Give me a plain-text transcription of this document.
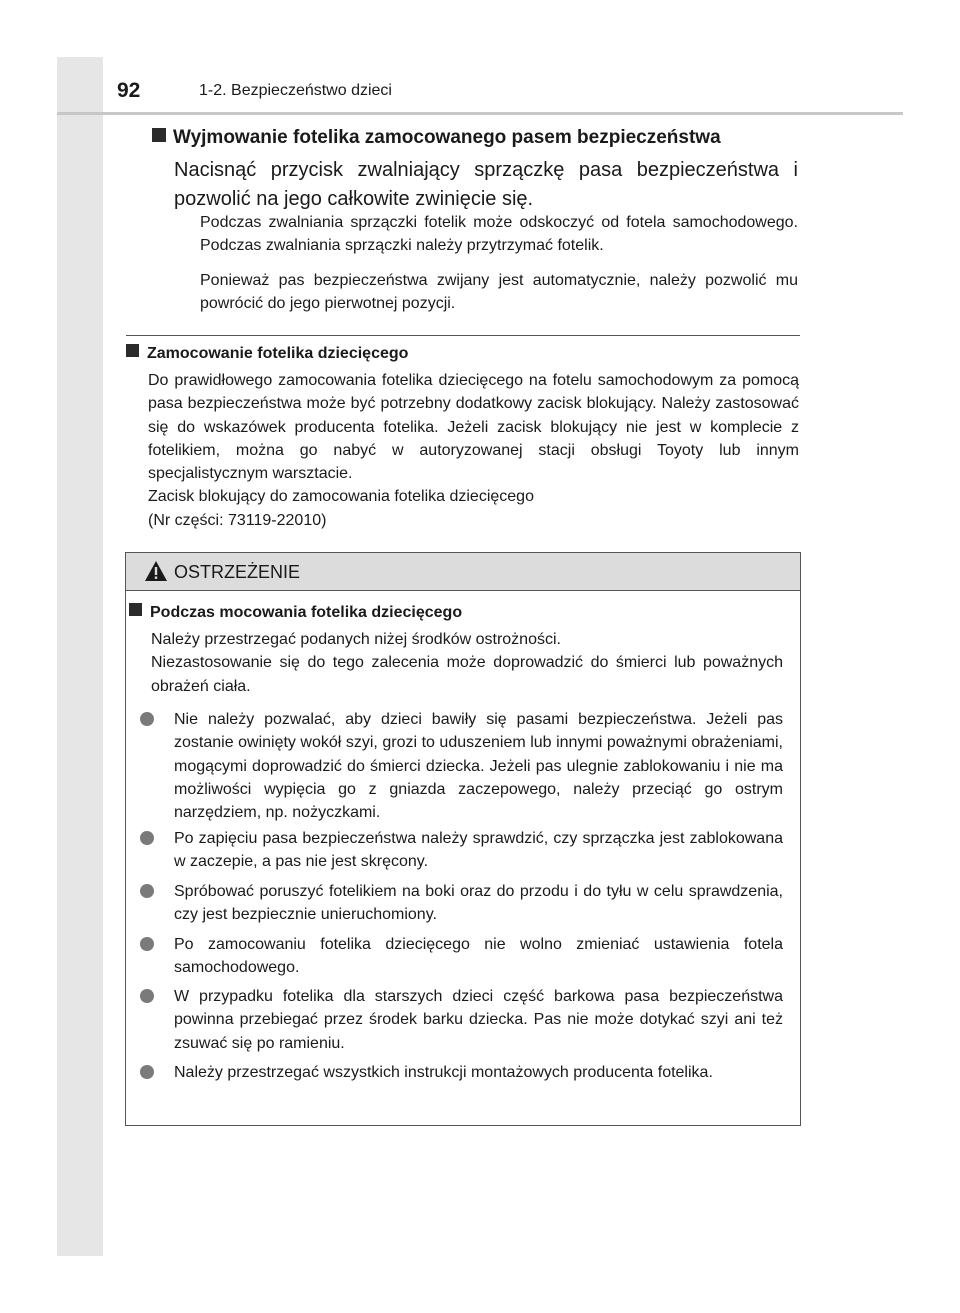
92	1-2. Bezpieczeństwo dzieci
Wyjmowanie fotelika zamocowanego pasem bezpieczeństwa
Nacisnąć przycisk zwalniający sprzączkę pasa bezpieczeństwa i pozwolić na jego całkowite zwinięcie się.
Podczas zwalniania sprzączki fotelik może odskoczyć od fotela samochodowego. Podczas zwalniania sprzączki należy przytrzymać fotelik.
Ponieważ pas bezpieczeństwa zwijany jest automatycznie, należy pozwolić mu powrócić do jego pierwotnej pozycji.
Zamocowanie fotelika dziecięcego
Do prawidłowego zamocowania fotelika dziecięcego na fotelu samochodowym za pomocą pasa bezpieczeństwa może być potrzebny dodatkowy zacisk blokujący. Należy zastosować się do wskazówek producenta fotelika. Jeżeli zacisk blokujący nie jest w komplecie z fotelikiem, można go nabyć w autoryzowanej stacji obsługi Toyoty lub innym specjalistycznym warsztacie.
Zacisk blokujący do zamocowania fotelika dziecięcego
(Nr części: 73119-22010)
OSTRZEŻENIE
Podczas mocowania fotelika dziecięcego
Należy przestrzegać podanych niżej środków ostrożności.
Niezastosowanie się do tego zalecenia może doprowadzić do śmierci lub poważnych obrażeń ciała.
Nie należy pozwalać, aby dzieci bawiły się pasami bezpieczeństwa. Jeżeli pas zostanie owinięty wokół szyi, grozi to uduszeniem lub innymi poważnymi obrażeniami, mogącymi doprowadzić do śmierci dziecka. Jeżeli pas ulegnie zablokowaniu i nie ma możliwości wypięcia go z gniazda zaczepowego, należy przeciąć go ostrym narzędziem, np. nożyczkami.
Po zapięciu pasa bezpieczeństwa należy sprawdzić, czy sprzączka jest zablokowana w zaczepie, a pas nie jest skręcony.
Spróbować poruszyć fotelikiem na boki oraz do przodu i do tyłu w celu sprawdzenia, czy jest bezpiecznie unieruchomiony.
Po zamocowaniu fotelika dziecięcego nie wolno zmieniać ustawienia fotela samochodowego.
W przypadku fotelika dla starszych dzieci część barkowa pasa bezpieczeństwa powinna przebiegać przez środek barku dziecka. Pas nie może dotykać szyi ani też zsuwać się po ramieniu.
Należy przestrzegać wszystkich instrukcji montażowych producenta fotelika.
